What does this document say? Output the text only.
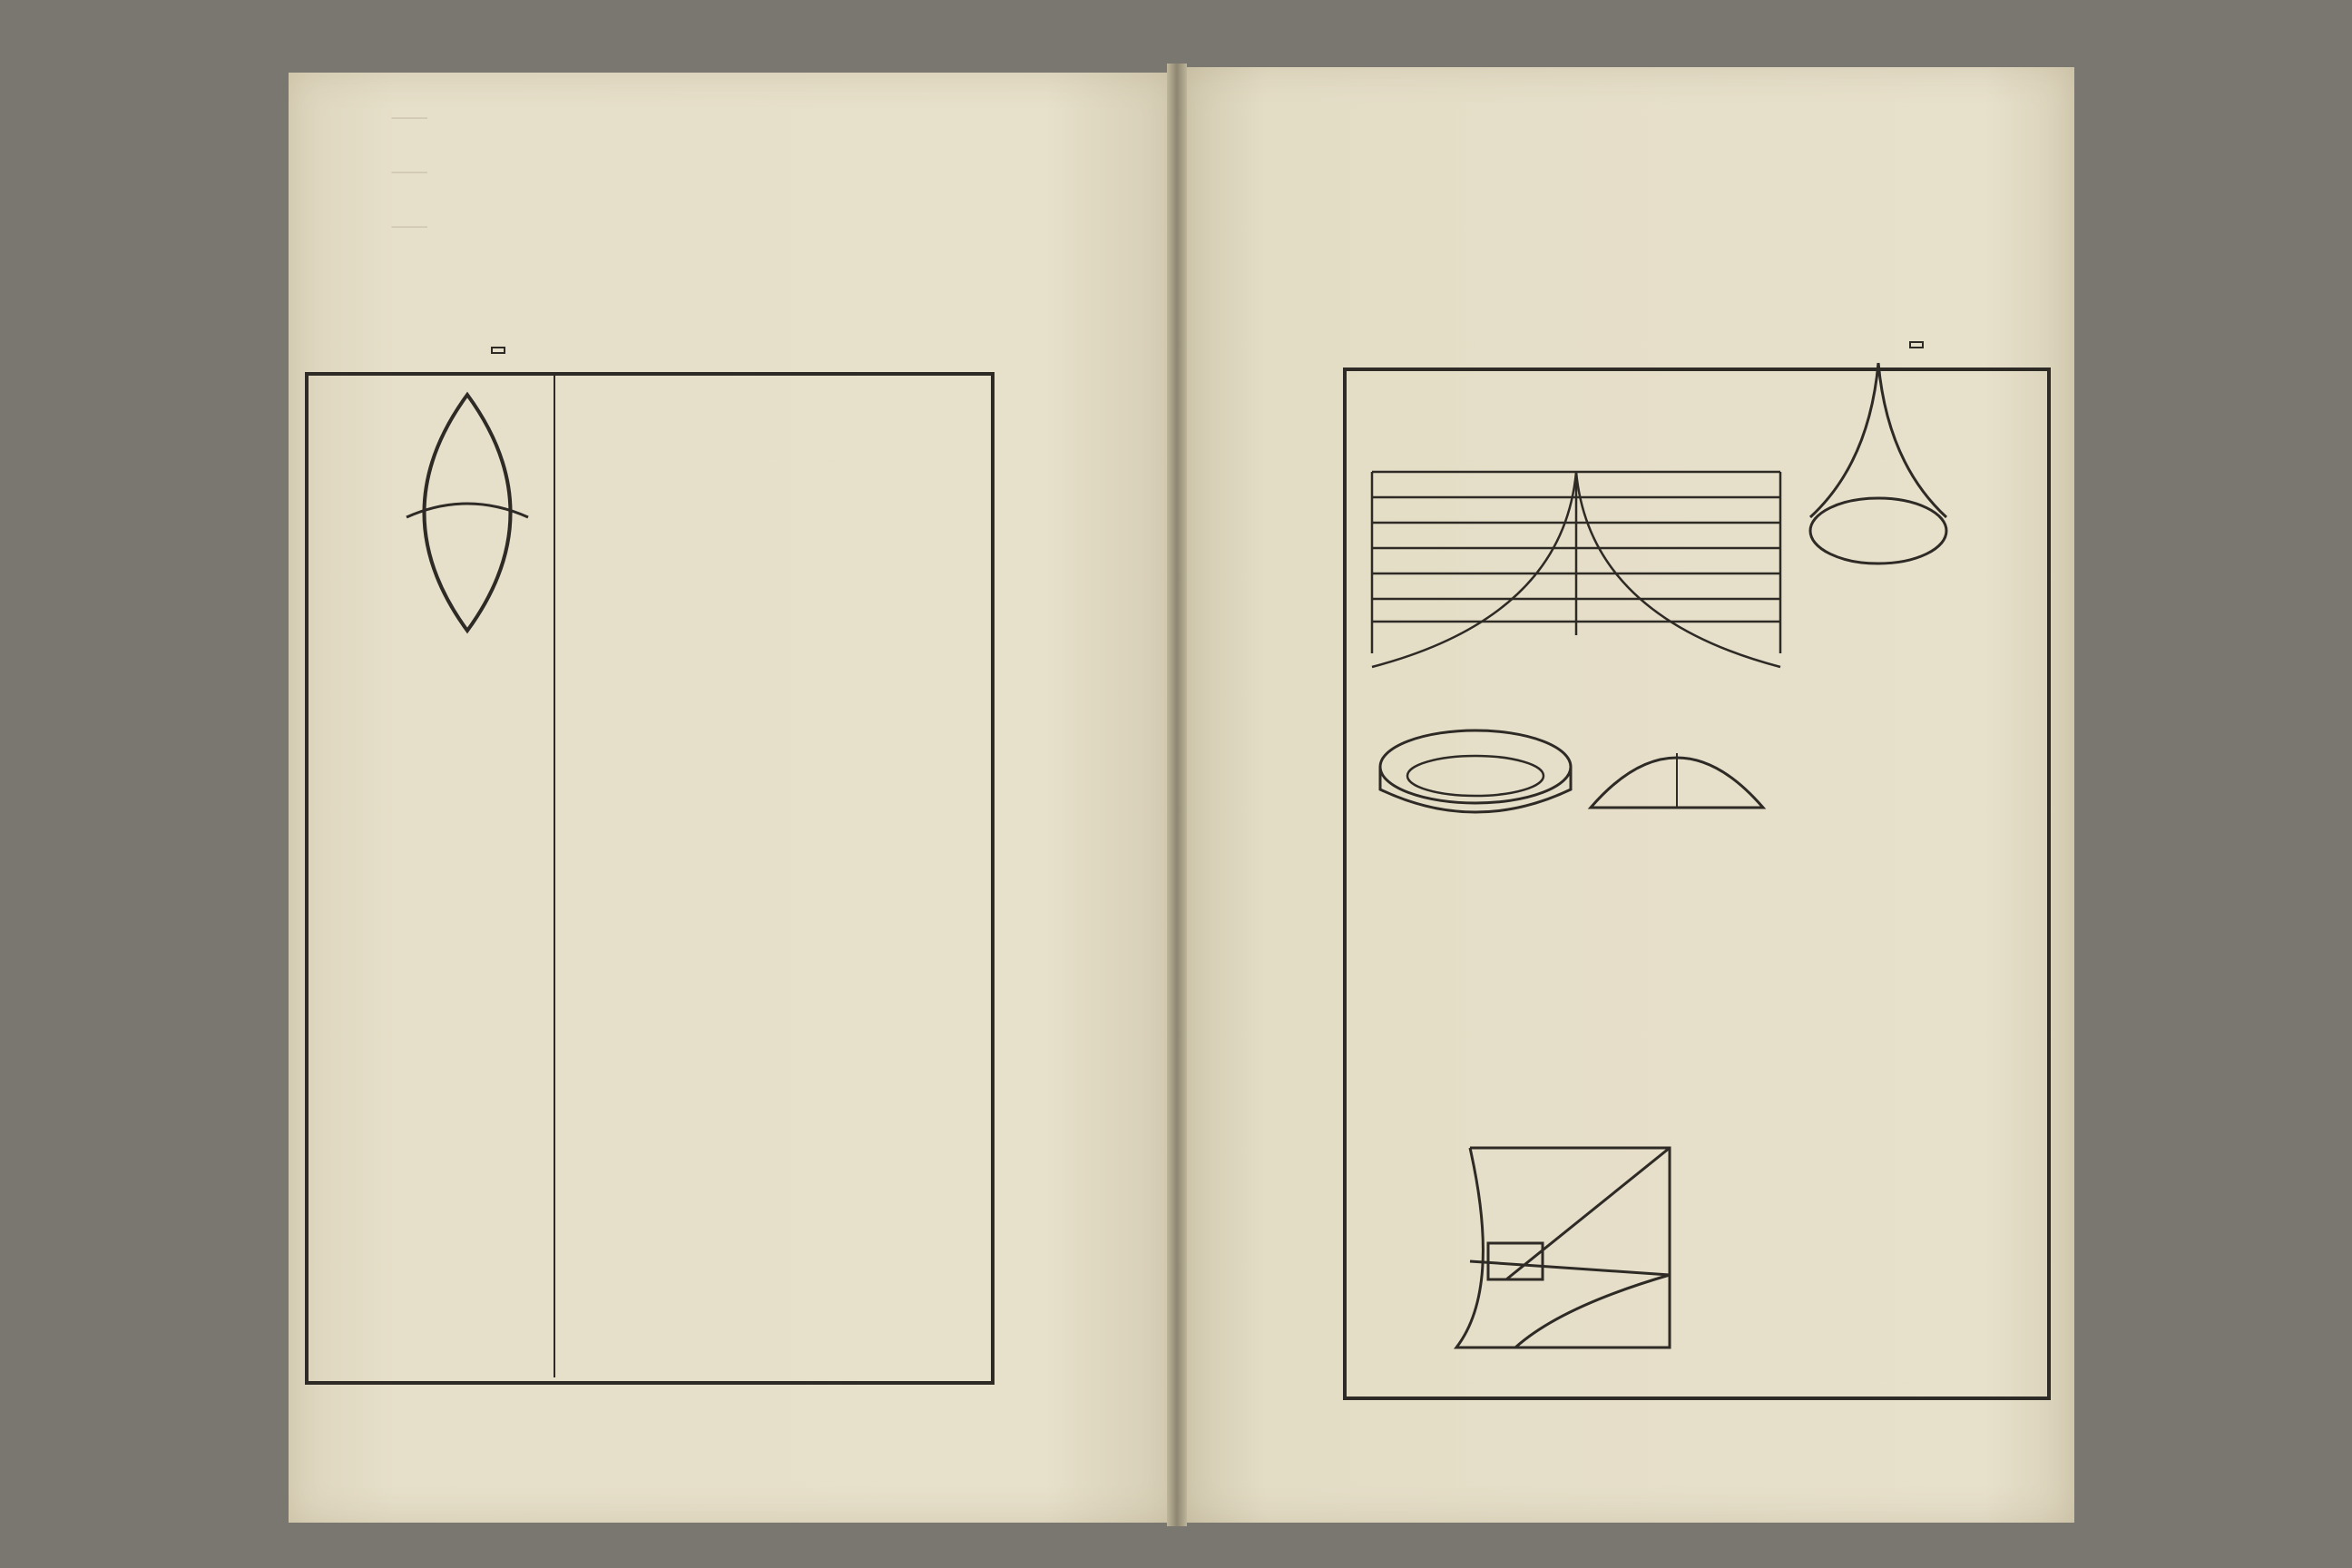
｜｜｜
